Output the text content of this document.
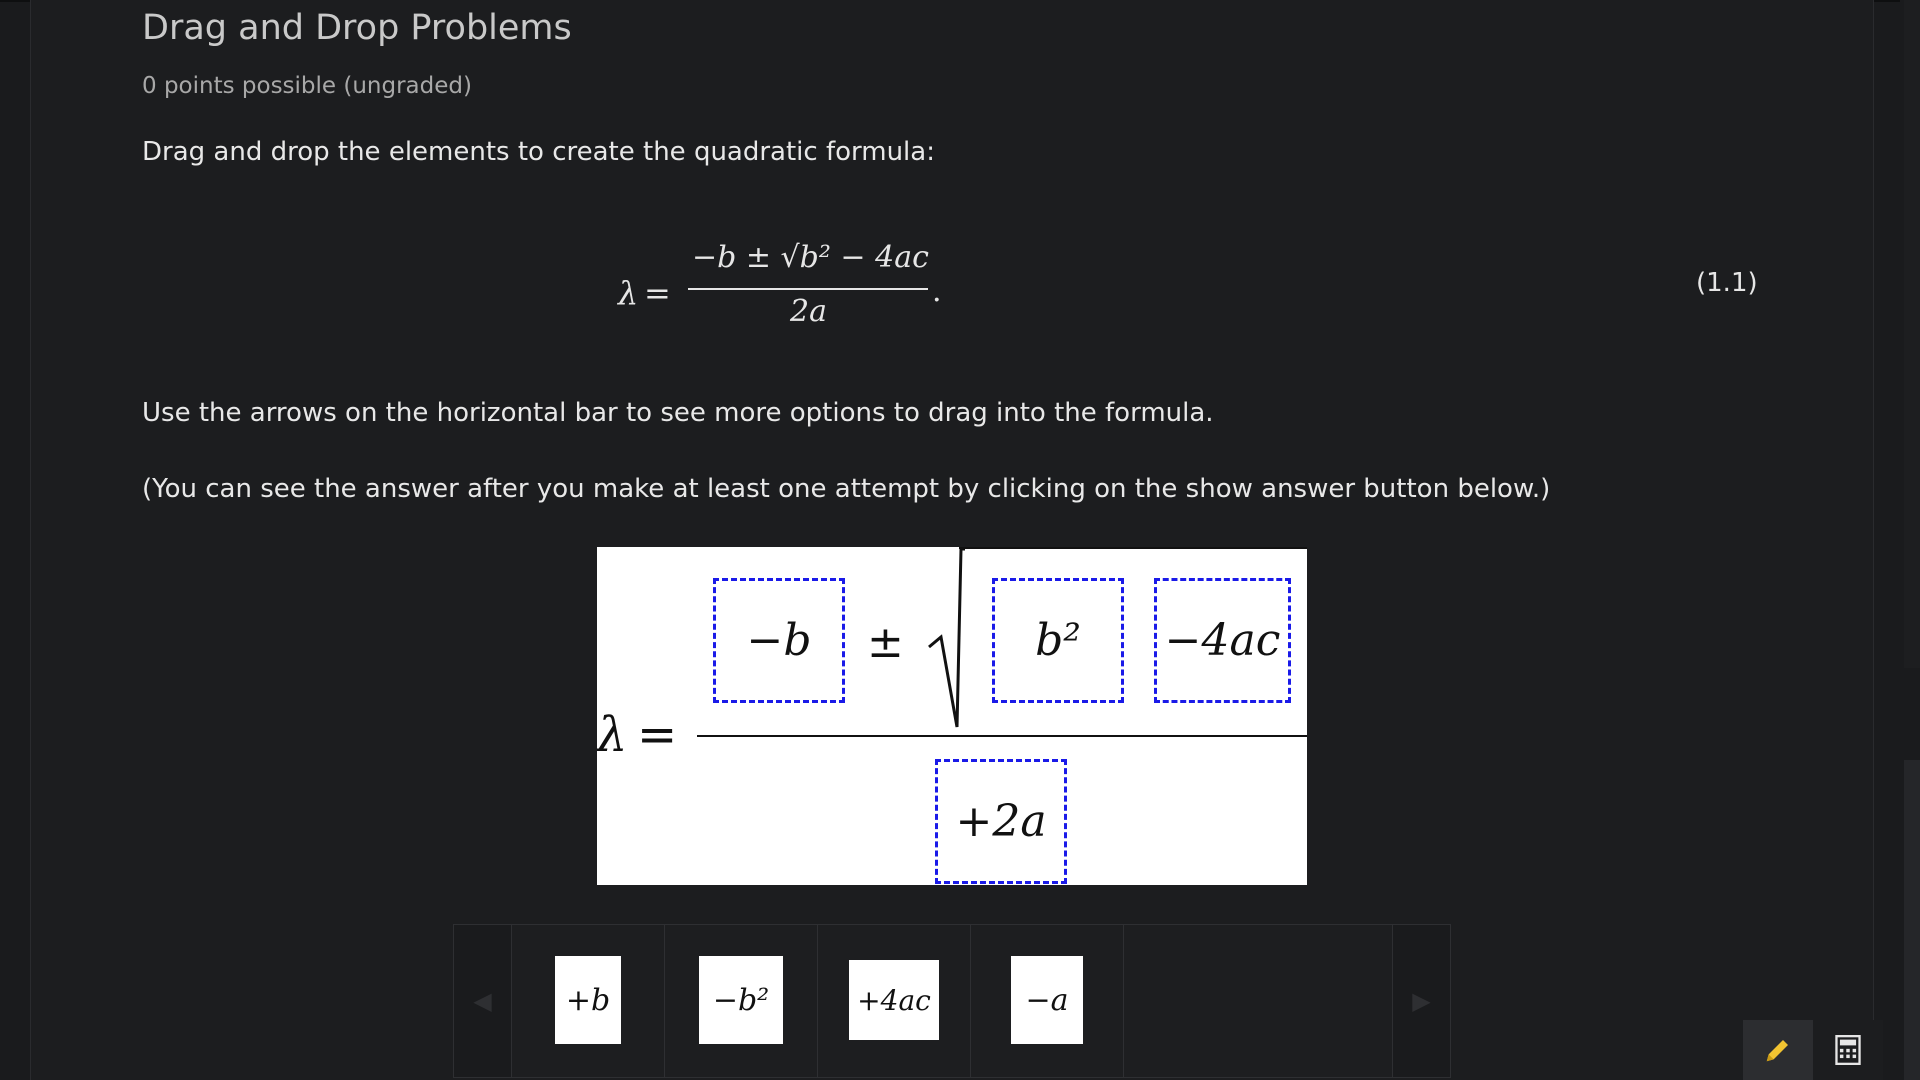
Drag and Drop Problems
0 points possible (ungraded)
Drag and drop the elements to create the quadratic formula:
λ =
−b ± √b² − 4ac
2a
.	(1.1)
Use the arrows on the horizontal bar to see more options to drag into the formula.
(You can see the answer after you make at least one attempt by clicking on the show answer button below.)
λ =
±
−b	b²	−4ac
+2a
◀	+b	−b²	+4ac	−a	▶
